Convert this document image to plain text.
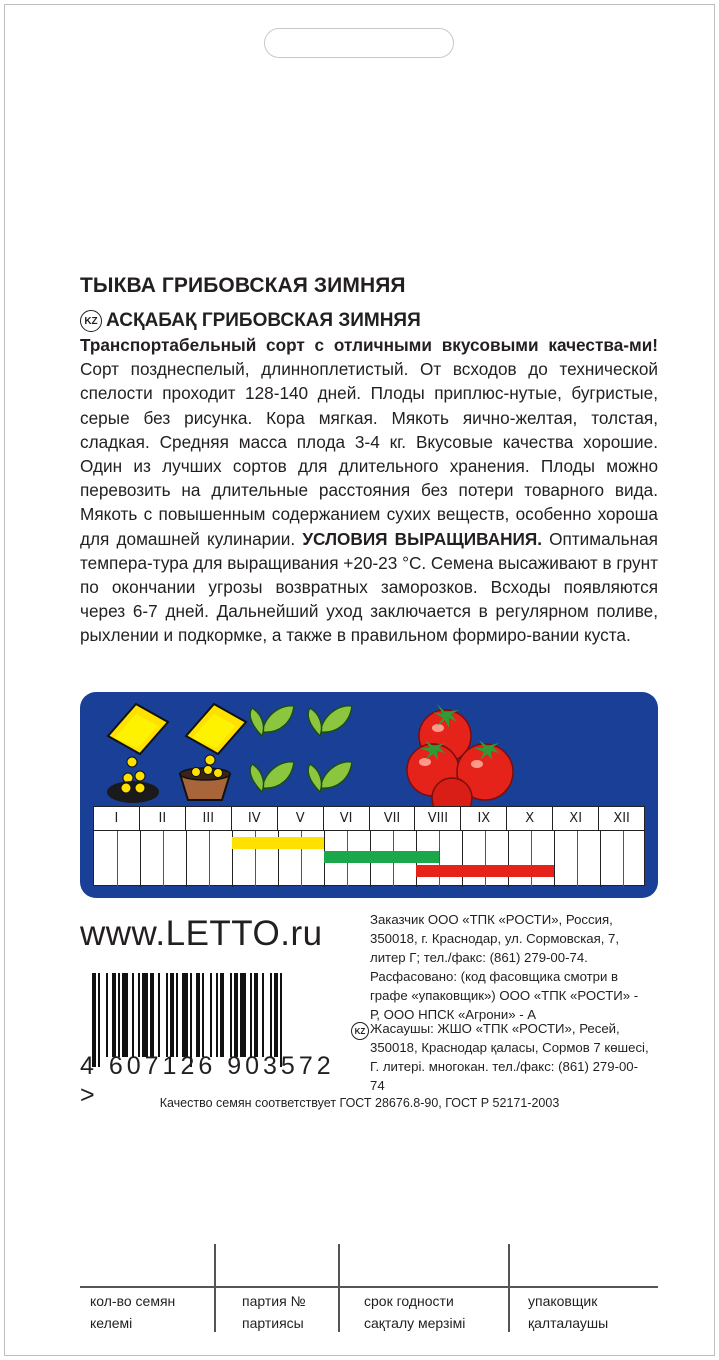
ТЫКВА ГРИБОВСКАЯ ЗИМНЯЯ
KZ АСҚАБАҚ ГРИБОВСКАЯ ЗИМНЯЯ
Транспортабельный сорт с отличными вкусовыми качества-ми! Сорт позднеспелый, длинноплетистый. От всходов до технической спелости проходит 128-140 дней. Плоды приплюс-нутые, бугристые, серые без рисунка. Кора мягкая. Мякоть яично-желтая, толстая, сладкая. Средняя масса плода 3-4 кг. Вкусовые качества хорошие. Один из лучших сортов для длительного хранения. Плоды можно перевозить на длительные расстояния без потери товарного вида. Мякоть с повышенным содержанием сухих веществ, особенно хороша для домашней кулинарии. УСЛОВИЯ ВЫРАЩИВАНИЯ. Оптимальная темпера-тура для выращивания +20-23 °С. Семена высаживают в грунт по окончании угрозы возвратных заморозков. Всходы появляются через 6-7 дней. Дальнейший уход заключается в регулярном поливе, рыхлении и подкормке, а также в правильном формиро-вании куста.
I	II	III	IV	V	VI	VII	VIII	IX	X	XI	XII
www.LETTO.ru
4 607126 903572 >
Заказчик ООО «ТПК «РОСТИ», Россия, 350018, г. Краснодар, ул. Сормовская, 7, литер Г; тел./факс: (861) 279-00-74. Расфасовано: (код фасовщика смотри в графе «упаковщик») ООО «ТПК «РОСТИ» - Р, ООО НПСК «Агрони» - А
KZ Жасаушы: ЖШО «ТПК «РОСТИ», Ресей, 350018, Краснодар қаласы, Сормов 7 көшесі, Г. литері. многокан. тел./факс: (861) 279-00-74
Качество семян соответствует ГОСТ 28676.8-90, ГОСТ Р 52171-2003
кол-во семян
келемі
партия №
партиясы
срок годности
сақталу мерзімі
упаковщик
қалталаушы
